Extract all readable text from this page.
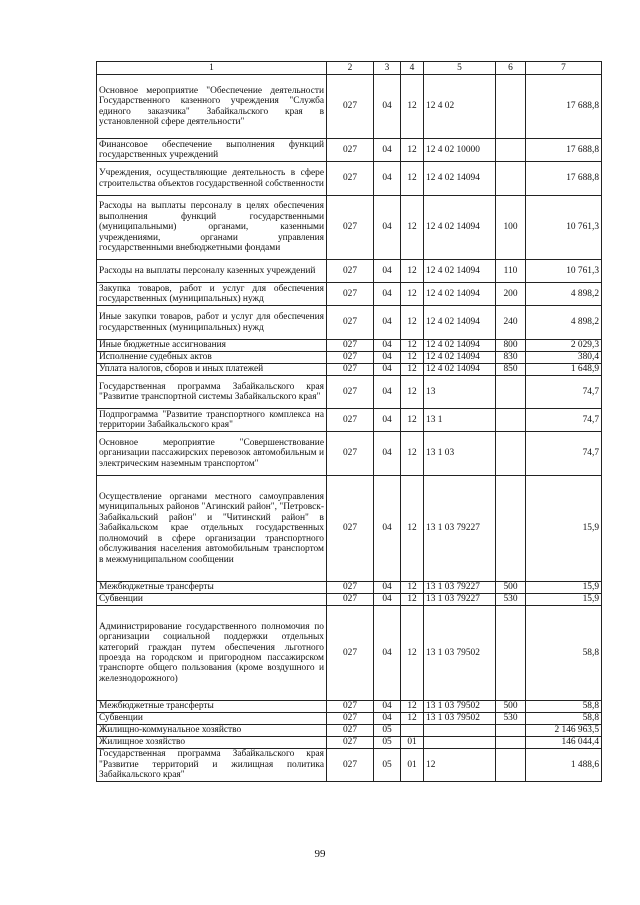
1	2	3	4	5	6	7
Основное мероприятие "Обеспечение деятельности Государственного казенного учреждения "Служба единого заказчика" Забайкальского края в установленной сфере деятельности"	027	04	12	12 4 02		17 688,8
Финансовое обеспечение выполнения функций государственных учреждений	027	04	12	12 4 02 10000		17 688,8
Учреждения, осуществляющие деятельность в сфере строительства объектов государственной собственности	027	04	12	12 4 02 14094		17 688,8
Расходы на выплаты персоналу в целях обеспечения выполнения функций государственными (муниципальными) органами, казенными учреждениями, органами управления государственными внебюджетными фондами	027	04	12	12 4 02 14094	100	10 761,3
Расходы на выплаты персоналу казенных учреждений	027	04	12	12 4 02 14094	110	10 761,3
Закупка товаров, работ и услуг для обеспечения государственных (муниципальных) нужд	027	04	12	12 4 02 14094	200	4 898,2
Иные закупки товаров, работ и услуг для обеспечения государственных (муниципальных) нужд	027	04	12	12 4 02 14094	240	4 898,2
Иные бюджетные ассигнования	027	04	12	12 4 02 14094	800	2 029,3
Исполнение судебных актов	027	04	12	12 4 02 14094	830	380,4
Уплата налогов, сборов и иных платежей	027	04	12	12 4 02 14094	850	1 648,9
Государственная программа Забайкальского края "Развитие транспортной системы Забайкальского края"	027	04	12	13		74,7
Подпрограмма "Развитие транспортного комплекса на территории Забайкальского края"	027	04	12	13 1		74,7
Основное мероприятие "Совершенствование организации пассажирских перевозок автомобильным и электрическим наземным транспортом"	027	04	12	13 1 03		74,7
Осуществление органами местного самоуправления муниципальных районов "Агинский район", "Петровск-Забайкальский район" и "Читинский район" в Забайкальском крае отдельных государственных полномочий в сфере организации транспортного обслуживания населения автомобильным транспортом в межмуниципальном сообщении	027	04	12	13 1 03 79227		15,9
Межбюджетные трансферты	027	04	12	13 1 03 79227	500	15,9
Субвенции	027	04	12	13 1 03 79227	530	15,9
Администрирование государственного полномочия по организации социальной поддержки отдельных категорий граждан путем обеспечения льготного проезда на городском и пригородном пассажирском транспорте общего пользования (кроме воздушного и железнодорожного)	027	04	12	13 1 03 79502		58,8
Межбюджетные трансферты	027	04	12	13 1 03 79502	500	58,8
Субвенции	027	04	12	13 1 03 79502	530	58,8
Жилищно-коммунальное хозяйство	027	05				2 146 963,5
Жилищное хозяйство	027	05	01			146 044,4
Государственная программа Забайкальского края "Развитие территорий и жилищная политика Забайкальского края"	027	05	01	12		1 488,6
99
